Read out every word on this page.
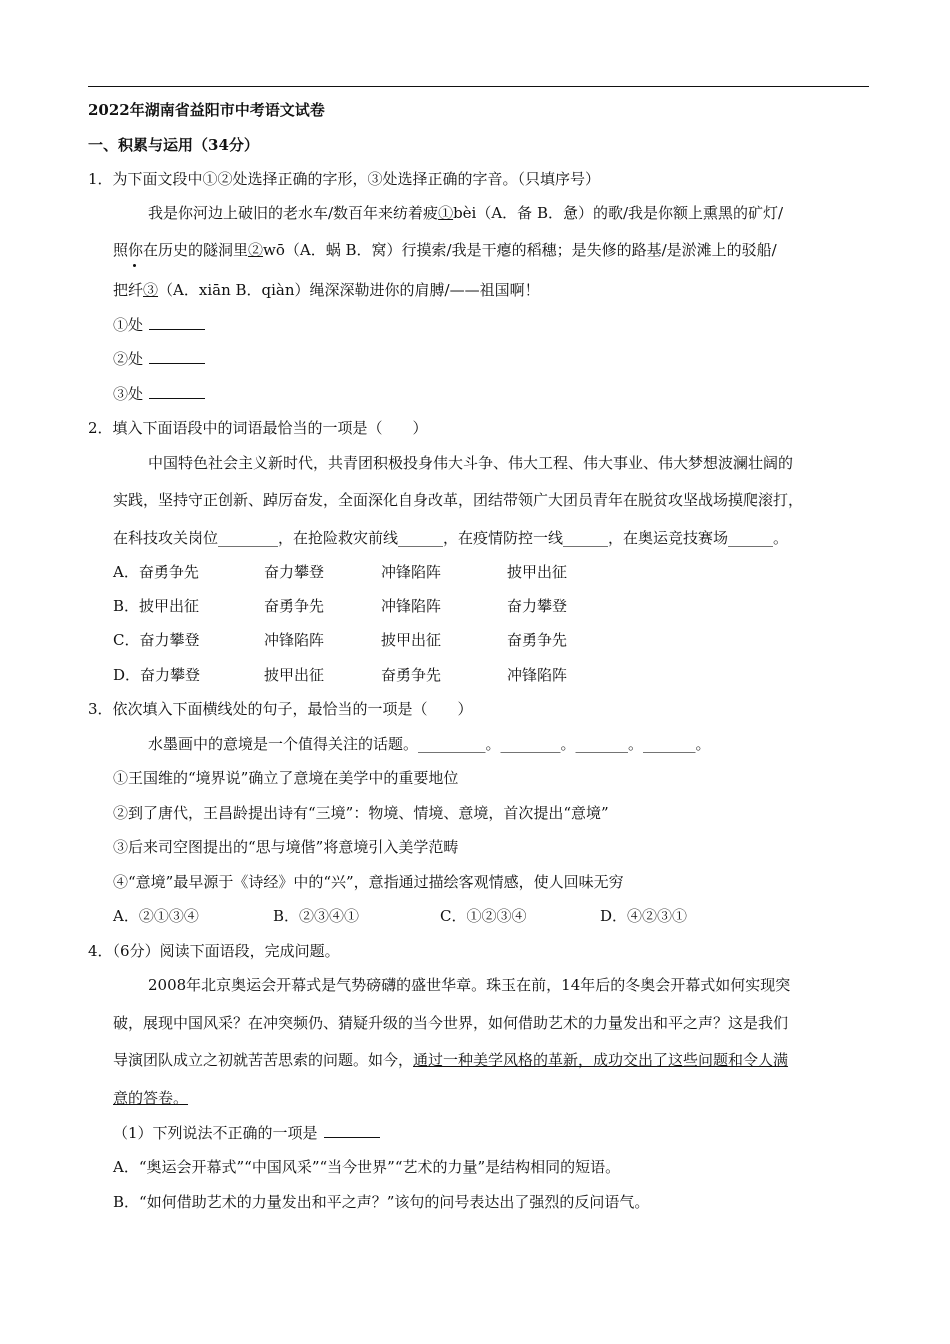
2022年湖南省益阳市中考语文试卷
一、积累与运用（34分）
1．为下面文段中①②处选择正确的字形，③处选择正确的字音。（只填序号）
我是你河边上破旧的老水车/数百年来纺着疲①bèi（A．备 B．惫）的歌/我是你额上熏黑的矿灯/
照你在历史的隧洞里②wō（A．蜗 B．窝）行摸索/我是干瘪的稻穗；是失修的路基/是淤滩上的驳船/
把纤③（A．xiān B．qiàn）绳深深勒进你的肩膊/——祖国啊！
①处
②处
③处
2．填入下面语段中的词语最恰当的一项是（　　）
中国特色社会主义新时代，共青团积极投身伟大斗争、伟大工程、伟大事业、伟大梦想波澜壮阔的
实践，坚持守正创新、踔厉奋发，全面深化自身改革，团结带领广大团员青年在脱贫攻坚战场摸爬滚打，
在科技攻关岗位________，在抢险救灾前线______，在疫情防控一线______，在奥运竞技赛场______。
A．奋勇争先	奋力攀登	冲锋陷阵	披甲出征
B．披甲出征	奋勇争先	冲锋陷阵	奋力攀登
C．奋力攀登	冲锋陷阵	披甲出征	奋勇争先
D．奋力攀登	披甲出征	奋勇争先	冲锋陷阵
3．依次填入下面横线处的句子，最恰当的一项是（　　）
水墨画中的意境是一个值得关注的话题。_________。________。_______。_______。
①王国维的“境界说”确立了意境在美学中的重要地位
②到了唐代，王昌龄提出诗有“三境”：物境、情境、意境，首次提出“意境”
③后来司空图提出的“思与境偕”将意境引入美学范畴
④“意境”最早源于《诗经》中的“兴”，意指通过描绘客观情感，使人回味无穷
A．②①③④	B．②③④①	C．①②③④	D．④②③①
4．（6分）阅读下面语段，完成问题。
2008年北京奥运会开幕式是气势磅礴的盛世华章。珠玉在前，14年后的冬奥会开幕式如何实现突
破，展现中国风采？在冲突频仍、猜疑升级的当今世界，如何借助艺术的力量发出和平之声？这是我们
导演团队成立之初就苦苦思索的问题。如今，通过一种美学风格的革新，成功交出了这些问题和令人满
意的答卷。
（1）下列说法不正确的一项是
A．“奥运会开幕式”“中国风采”“当今世界”“艺术的力量”是结构相同的短语。
B．“如何借助艺术的力量发出和平之声？”该句的问号表达出了强烈的反问语气。
